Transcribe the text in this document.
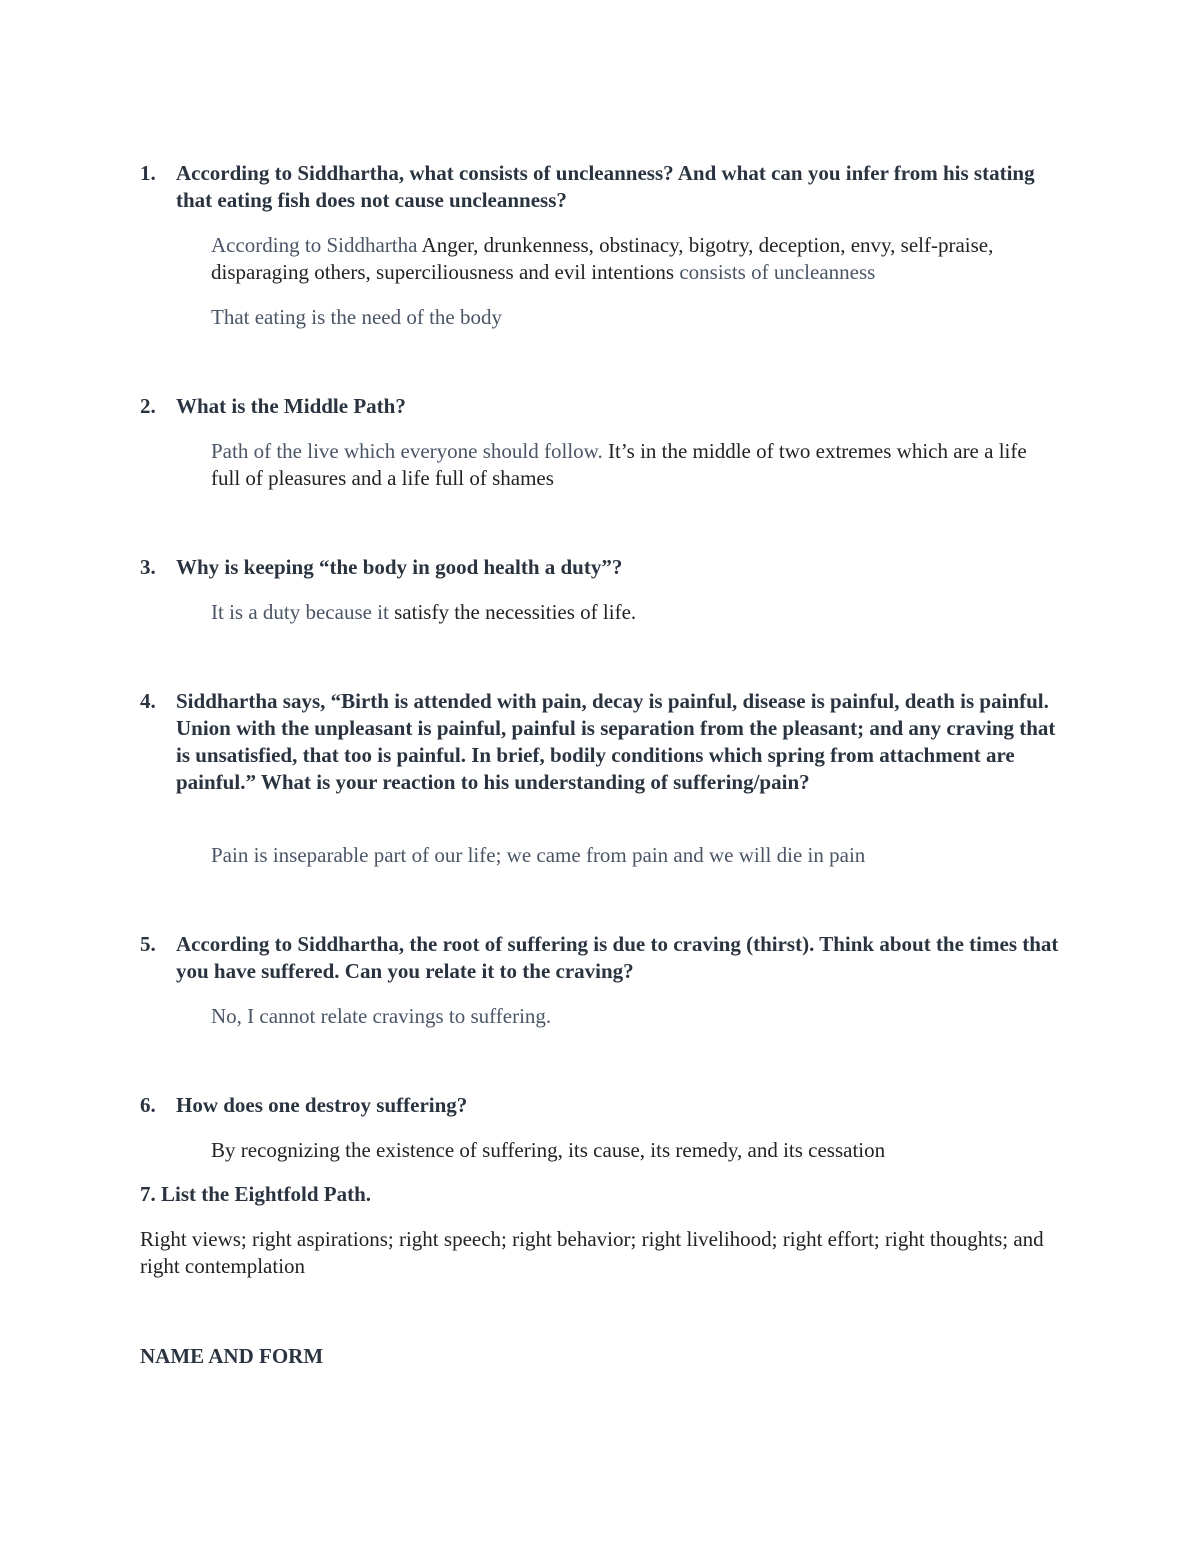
1. According to Siddhartha, what consists of uncleanness? And what can you infer from his stating that eating fish does not cause uncleanness?
According to Siddhartha Anger, drunkenness, obstinacy, bigotry, deception, envy, self-praise, disparaging others, superciliousness and evil intentions consists of uncleanness
That eating is the need of the body
2. What is the Middle Path?
Path of the live which everyone should follow. It’s in the middle of two extremes which are a life full of pleasures and a life full of shames
3. Why is keeping “the body in good health a duty”?
It is a duty because it satisfy the necessities of life.
4. Siddhartha says, “Birth is attended with pain, decay is painful, disease is painful, death is painful. Union with the unpleasant is painful, painful is separation from the pleasant; and any craving that is unsatisfied, that too is painful. In brief, bodily conditions which spring from attachment are painful.” What is your reaction to his understanding of suffering/pain?
Pain is inseparable part of our life; we came from pain and we will die in pain
5. According to Siddhartha, the root of suffering is due to craving (thirst). Think about the times that you have suffered. Can you relate it to the craving?
No, I cannot relate cravings to suffering.
6. How does one destroy suffering?
By recognizing the existence of suffering, its cause, its remedy, and its cessation
7. List the Eightfold Path.
Right views; right aspirations; right speech; right behavior; right livelihood; right effort; right thoughts; and right contemplation
NAME AND FORM
